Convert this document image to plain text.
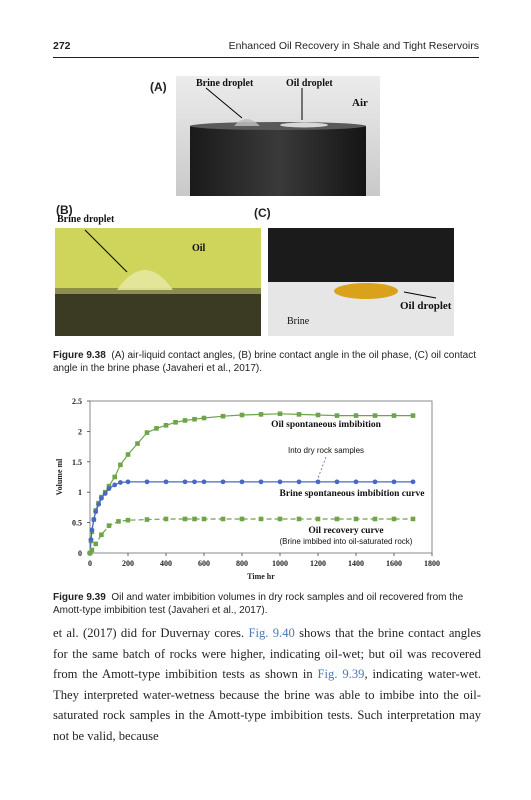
272	Enhanced Oil Recovery in Shale and Tight Reservoirs
(A)	Brine droplet	Oil droplet
Air
(B)
Brine droplet
Oil
(C)
Oil droplet
Brine
Figure 9.38 (A) air-liquid contact angles, (B) brine contact angle in the oil phase, (C) oil contact angle in the brine phase (Javaheri et al., 2017).
0	200	400	600	800	1000	1200	1400	1600	1800
0
0.5
1
1.5
2
2.5
Time hr
Volume ml
Oil spontaneous imbibition
Into dry rock samples
Brine spontaneous imbibition curve
Oil recovery curve
(Brine imbibed into oil-saturated rock)
Figure 9.39 Oil and water imbibition volumes in dry rock samples and oil recovered from the Amott-type imbibition test (Javaheri et al., 2017).
et al. (2017) did for Duvernay cores. Fig. 9.40 shows that the brine contact angles for the same batch of rocks were higher, indicating oil-wet; but oil was recovered from the Amott-type imbibition tests as shown in Fig. 9.39, indicating water-wet. They interpreted water-wetness because the brine was able to imbibe into the oil-saturated rock samples in the Amott-type imbibition tests. Such interpretation may not be valid, because
